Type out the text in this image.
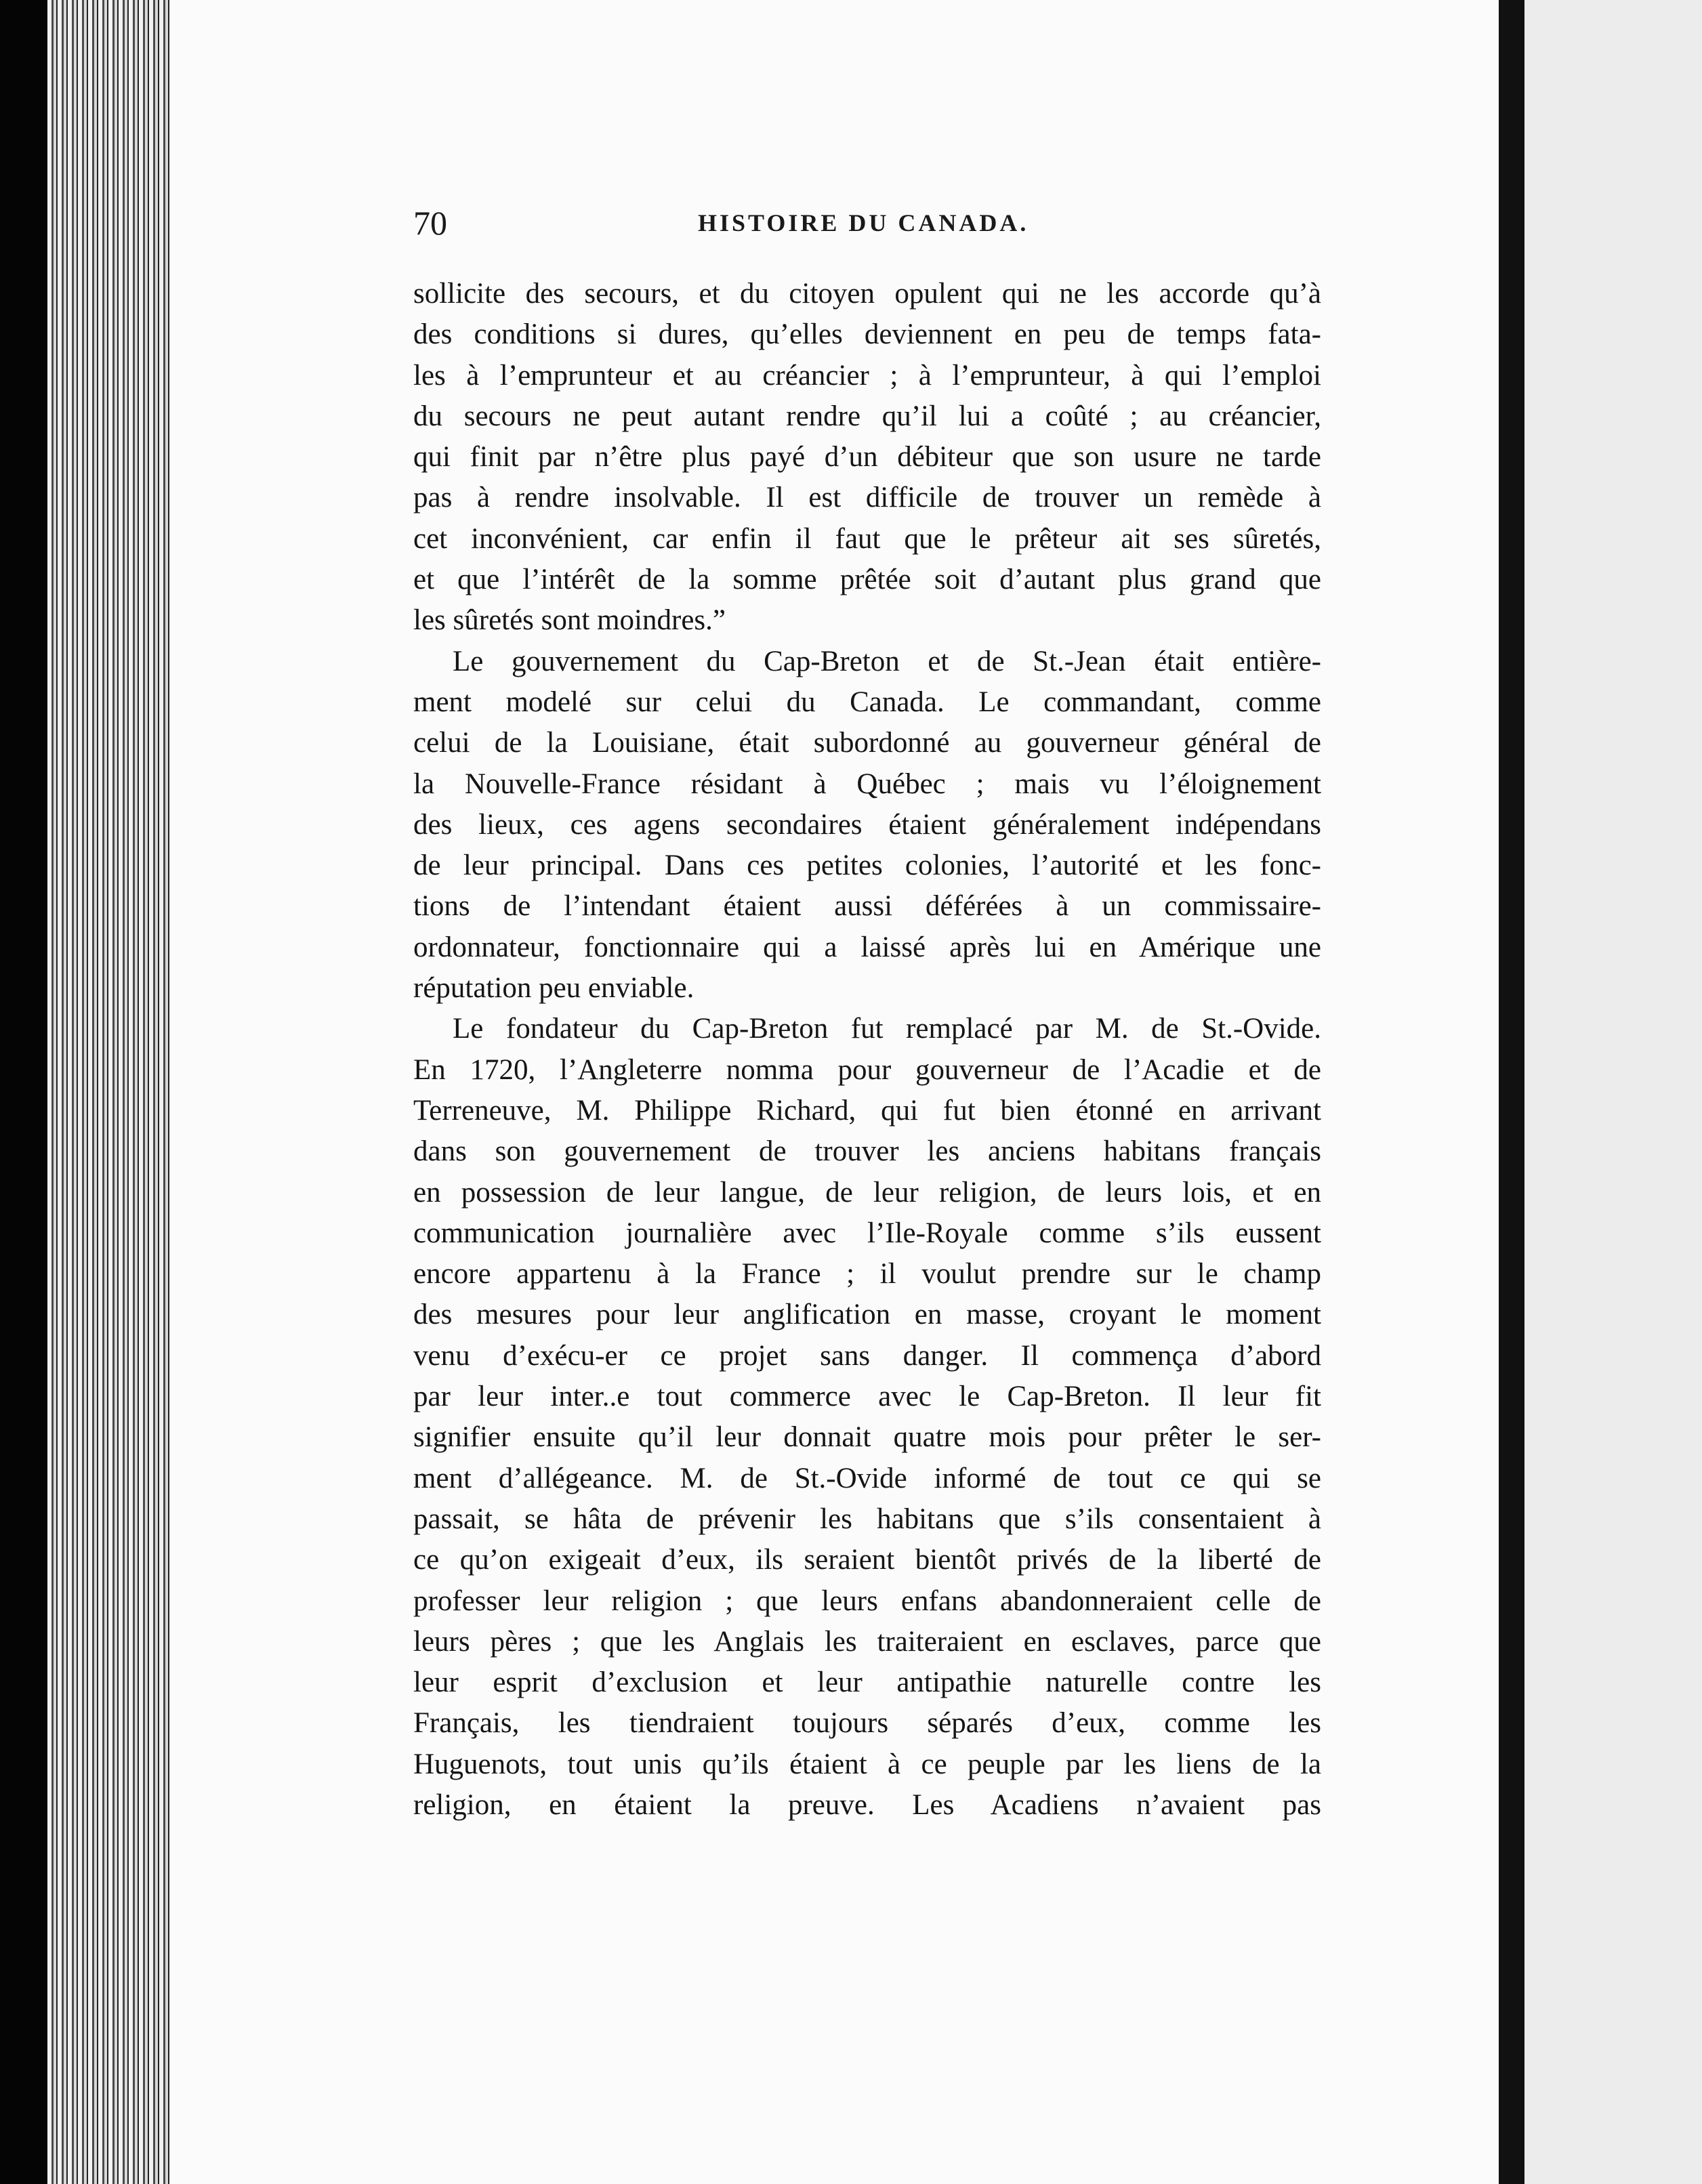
70	HISTOIRE DU CANADA.
sollicite des secours, et du citoyen opulent qui ne les accorde qu’à
des conditions si dures, qu’elles deviennent en peu de temps fata-
les à l’emprunteur et au créancier ; à l’emprunteur, à qui l’emploi
du secours ne peut autant rendre qu’il lui a coûté ; au créancier,
qui finit par n’être plus payé d’un débiteur que son usure ne tarde
pas à rendre insolvable. Il est difficile de trouver un remède à
cet inconvénient, car enfin il faut que le prêteur ait ses sûretés,
et que l’intérêt de la somme prêtée soit d’autant plus grand que
les sûretés sont moindres.”
Le gouvernement du Cap-Breton et de St.-Jean était entière-
ment modelé sur celui du Canada. Le commandant, comme
celui de la Louisiane, était subordonné au gouverneur général de
la Nouvelle-France résidant à Québec ; mais vu l’éloignement
des lieux, ces agens secondaires étaient généralement indépendans
de leur principal. Dans ces petites colonies, l’autorité et les fonc-
tions de l’intendant étaient aussi déférées à un commissaire-
ordonnateur, fonctionnaire qui a laissé après lui en Amérique une
réputation peu enviable.
Le fondateur du Cap-Breton fut remplacé par M. de St.-Ovide.
En 1720, l’Angleterre nomma pour gouverneur de l’Acadie et de
Terreneuve, M. Philippe Richard, qui fut bien étonné en arrivant
dans son gouvernement de trouver les anciens habitans français
en possession de leur langue, de leur religion, de leurs lois, et en
communication journalière avec l’Ile-Royale comme s’ils eussent
encore appartenu à la France ; il voulut prendre sur le champ
des mesures pour leur anglification en masse, croyant le moment
venu d’exécu‐er ce projet sans danger. Il commença d’abord
par leur inter..e tout commerce avec le Cap-Breton. Il leur fit
signifier ensuite qu’il leur donnait quatre mois pour prêter le ser-
ment d’allégeance. M. de St.-Ovide informé de tout ce qui se
passait, se hâta de prévenir les habitans que s’ils consentaient à
ce qu’on exigeait d’eux, ils seraient bientôt privés de la liberté de
professer leur religion ; que leurs enfans abandonneraient celle de
leurs pères ; que les Anglais les traiteraient en esclaves, parce que
leur esprit d’exclusion et leur antipathie naturelle contre les
Français, les tiendraient toujours séparés d’eux, comme les
Huguenots, tout unis qu’ils étaient à ce peuple par les liens de la
religion, en étaient la preuve. Les Acadiens n’avaient pas
